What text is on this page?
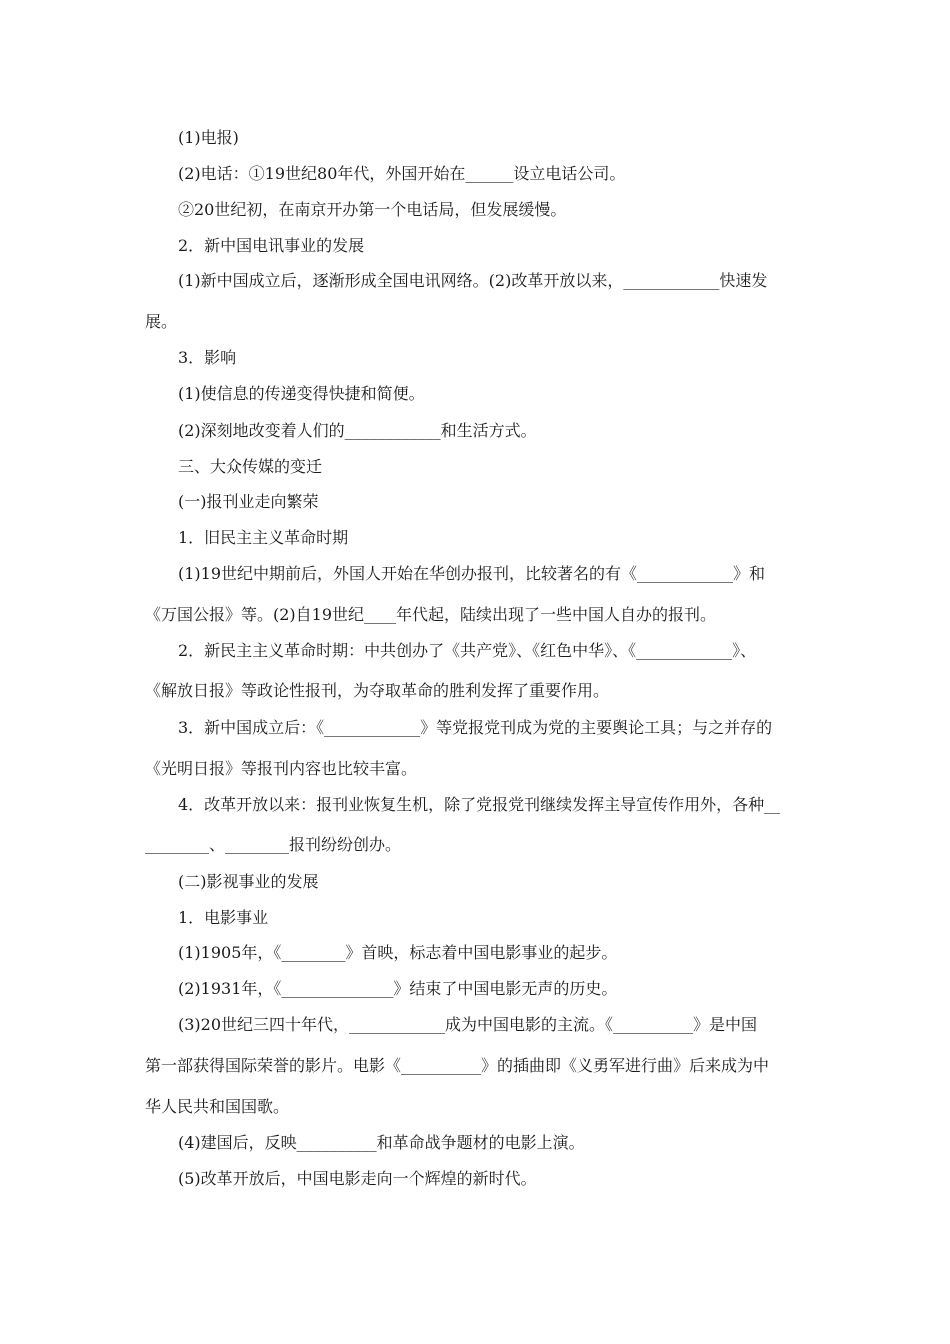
(1)电报)
(2)电话：①19世纪80年代，外国开始在______设立电话公司。
②20世纪初，在南京开办第一个电话局，但发展缓慢。
2．新中国电讯事业的发展
(1)新中国成立后，逐渐形成全国电讯网络。(2)改革开放以来，____________快速发
展。
3．影响
(1)使信息的传递变得快捷和简便。
(2)深刻地改变着人们的____________和生活方式。
三、大众传媒的变迁
(一)报刊业走向繁荣
1．旧民主主义革命时期
(1)19世纪中期前后，外国人开始在华创办报刊，比较著名的有《____________》和
《万国公报》等。(2)自19世纪____年代起，陆续出现了一些中国人自办的报刊。
2．新民主主义革命时期：中共创办了《共产党》、《红色中华》、《____________》、
《解放日报》等政论性报刊，为夺取革命的胜利发挥了重要作用。
3．新中国成立后：《____________》等党报党刊成为党的主要舆论工具；与之并存的
《光明日报》等报刊内容也比较丰富。
4．改革开放以来：报刊业恢复生机，除了党报党刊继续发挥主导宣传作用外，各种__
________、________报刊纷纷创办。
(二)影视事业的发展
1．电影事业
(1)1905年，《________》首映，标志着中国电影事业的起步。
(2)1931年，《______________》结束了中国电影无声的历史。
(3)20世纪三四十年代，____________成为中国电影的主流。《__________》是中国
第一部获得国际荣誉的影片。电影《__________》的插曲即《义勇军进行曲》后来成为中
华人民共和国国歌。
(4)建国后，反映__________和革命战争题材的电影上演。
(5)改革开放后，中国电影走向一个辉煌的新时代。
